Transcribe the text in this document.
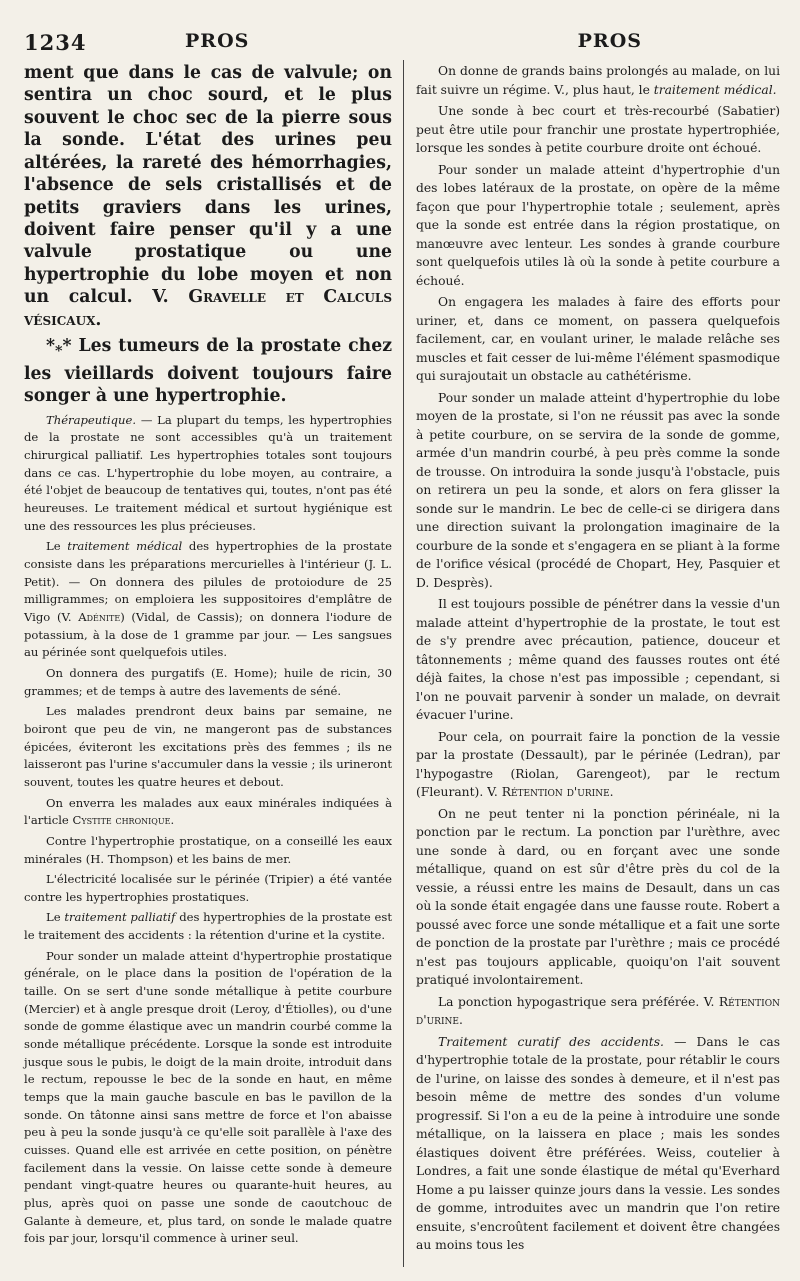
1234	PROS	PROS

ment que dans le cas de valvule; on sentira un choc sourd, et le plus souvent le choc sec de la pierre sous la sonde. L'état des urines peu altérées, la rareté des hémorrhagies, l'absence de sels cristallisés et de petits graviers dans les urines, doivent faire penser qu'il y a une valvule prostatique ou une hypertrophie du lobe moyen et non un calcul. V. Gravelle et Calculs vésicaux.

$*_**$ Les tumeurs de la prostate chez les vieillards doivent toujours faire songer à une hypertrophie.

Thérapeutique. — La plupart du temps, les hypertrophies de la prostate ne sont accessibles qu'à un traitement chirurgical palliatif. Les hypertrophies totales sont toujours dans ce cas. L'hypertrophie du lobe moyen, au contraire, a été l'objet de beaucoup de tentatives qui, toutes, n'ont pas été heureuses. Le traitement médical et surtout hygiénique est une des ressources les plus précieuses.

Le traitement médical des hypertrophies de la prostate consiste dans les préparations mercurielles à l'intérieur (J. L. Petit). — On donnera des pilules de protoiodure de 25 milligrammes; on emploiera les suppositoires d'emplâtre de Vigo (V. Adénite) (Vidal, de Cassis); on donnera l'iodure de potassium, à la dose de 1 gramme par jour. — Les sangsues au périnée sont quelquefois utiles.

On donnera des purgatifs (E. Home); huile de ricin, 30 grammes; et de temps à autre des lavements de séné.

Les malades prendront deux bains par semaine, ne boiront que peu de vin, ne mangeront pas de substances épicées, éviteront les excitations près des femmes ; ils ne laisseront pas l'urine s'accumuler dans la vessie ; ils urineront souvent, toutes les quatre heures et debout.

On enverra les malades aux eaux minérales indiquées à l'article Cystite chronique.

Contre l'hypertrophie prostatique, on a conseillé les eaux minérales (H. Thompson) et les bains de mer.

L'électricité localisée sur le périnée (Tripier) a été vantée contre les hypertrophies prostatiques.

Le traitement palliatif des hypertrophies de la prostate est le traitement des accidents : la rétention d'urine et la cystite.

Pour sonder un malade atteint d'hypertrophie prostatique générale, on le place dans la position de l'opération de la taille. On se sert d'une sonde métallique à petite courbure (Mercier) et à angle presque droit (Leroy, d'Étiolles), ou d'une sonde de gomme élastique avec un mandrin courbé comme la sonde métallique précédente. Lorsque la sonde est introduite jusque sous le pubis, le doigt de la main droite, introduit dans le rectum, repousse le bec de la sonde en haut, en même temps que la main gauche bascule en bas le pavillon de la sonde. On tâtonne ainsi sans mettre de force et l'on abaisse peu à peu la sonde jusqu'à ce qu'elle soit parallèle à l'axe des cuisses. Quand elle est arrivée en cette position, on pénètre facilement dans la vessie. On laisse cette sonde à demeure pendant vingt-quatre heures ou quarante-huit heures, au plus, après quoi on passe une sonde de caoutchouc de Galante à demeure, et, plus tard, on sonde le malade quatre fois par jour, lorsqu'il commence à uriner seul.

On donne de grands bains prolongés au malade, on lui fait suivre un régime. V., plus haut, le traitement médical.

Une sonde à bec court et très-recourbé (Sabatier) peut être utile pour franchir une prostate hypertrophiée, lorsque les sondes à petite courbure droite ont échoué.

Pour sonder un malade atteint d'hypertrophie d'un des lobes latéraux de la prostate, on opère de la même façon que pour l'hypertrophie totale ; seulement, après que la sonde est entrée dans la région prostatique, on manœuvre avec lenteur. Les sondes à grande courbure sont quelquefois utiles là où la sonde à petite courbure a échoué.

On engagera les malades à faire des efforts pour uriner, et, dans ce moment, on passera quelquefois facilement, car, en voulant uriner, le malade relâche ses muscles et fait cesser de lui-même l'élément spasmodique qui surajoutait un obstacle au cathétérisme.

Pour sonder un malade atteint d'hypertrophie du lobe moyen de la prostate, si l'on ne réussit pas avec la sonde à petite courbure, on se servira de la sonde de gomme, armée d'un mandrin courbé, à peu près comme la sonde de trousse. On introduira la sonde jusqu'à l'obstacle, puis on retirera un peu la sonde, et alors on fera glisser la sonde sur le mandrin. Le bec de celle-ci se dirigera dans une direction suivant la prolongation imaginaire de la courbure de la sonde et s'engagera en se pliant à la forme de l'orifice vésical (procédé de Chopart, Hey, Pasquier et D. Desprès).

Il est toujours possible de pénétrer dans la vessie d'un malade atteint d'hypertrophie de la prostate, le tout est de s'y prendre avec précaution, patience, douceur et tâtonnements ; même quand des fausses routes ont été déjà faites, la chose n'est pas impossible ; cependant, si l'on ne pouvait parvenir à sonder un malade, on devrait évacuer l'urine.

Pour cela, on pourrait faire la ponction de la vessie par la prostate (Dessault), par le périnée (Ledran), par l'hypogastre (Riolan, Garengeot), par le rectum (Fleurant). V. Rétention d'urine.

On ne peut tenter ni la ponction périnéale, ni la ponction par le rectum. La ponction par l'urèthre, avec une sonde à dard, ou en forçant avec une sonde métallique, quand on est sûr d'être près du col de la vessie, a réussi entre les mains de Desault, dans un cas où la sonde était engagée dans une fausse route. Robert a poussé avec force une sonde métallique et a fait une sorte de ponction de la prostate par l'urèthre ; mais ce procédé n'est pas toujours applicable, quoiqu'on l'ait souvent pratiqué involontairement.

La ponction hypogastrique sera préférée. V. Rétention d'urine.

Traitement curatif des accidents. — Dans le cas d'hypertrophie totale de la prostate, pour rétablir le cours de l'urine, on laisse des sondes à demeure, et il n'est pas besoin même de mettre des sondes d'un volume progressif. Si l'on a eu de la peine à introduire une sonde métallique, on la laissera en place ; mais les sondes élastiques doivent être préférées. Weiss, coutelier à Londres, a fait une sonde élastique de métal qu'Everhard Home a pu laisser quinze jours dans la vessie. Les sondes de gomme, introduites avec un mandrin que l'on retire ensuite, s'encroûtent facilement et doivent être changées au moins tous les
